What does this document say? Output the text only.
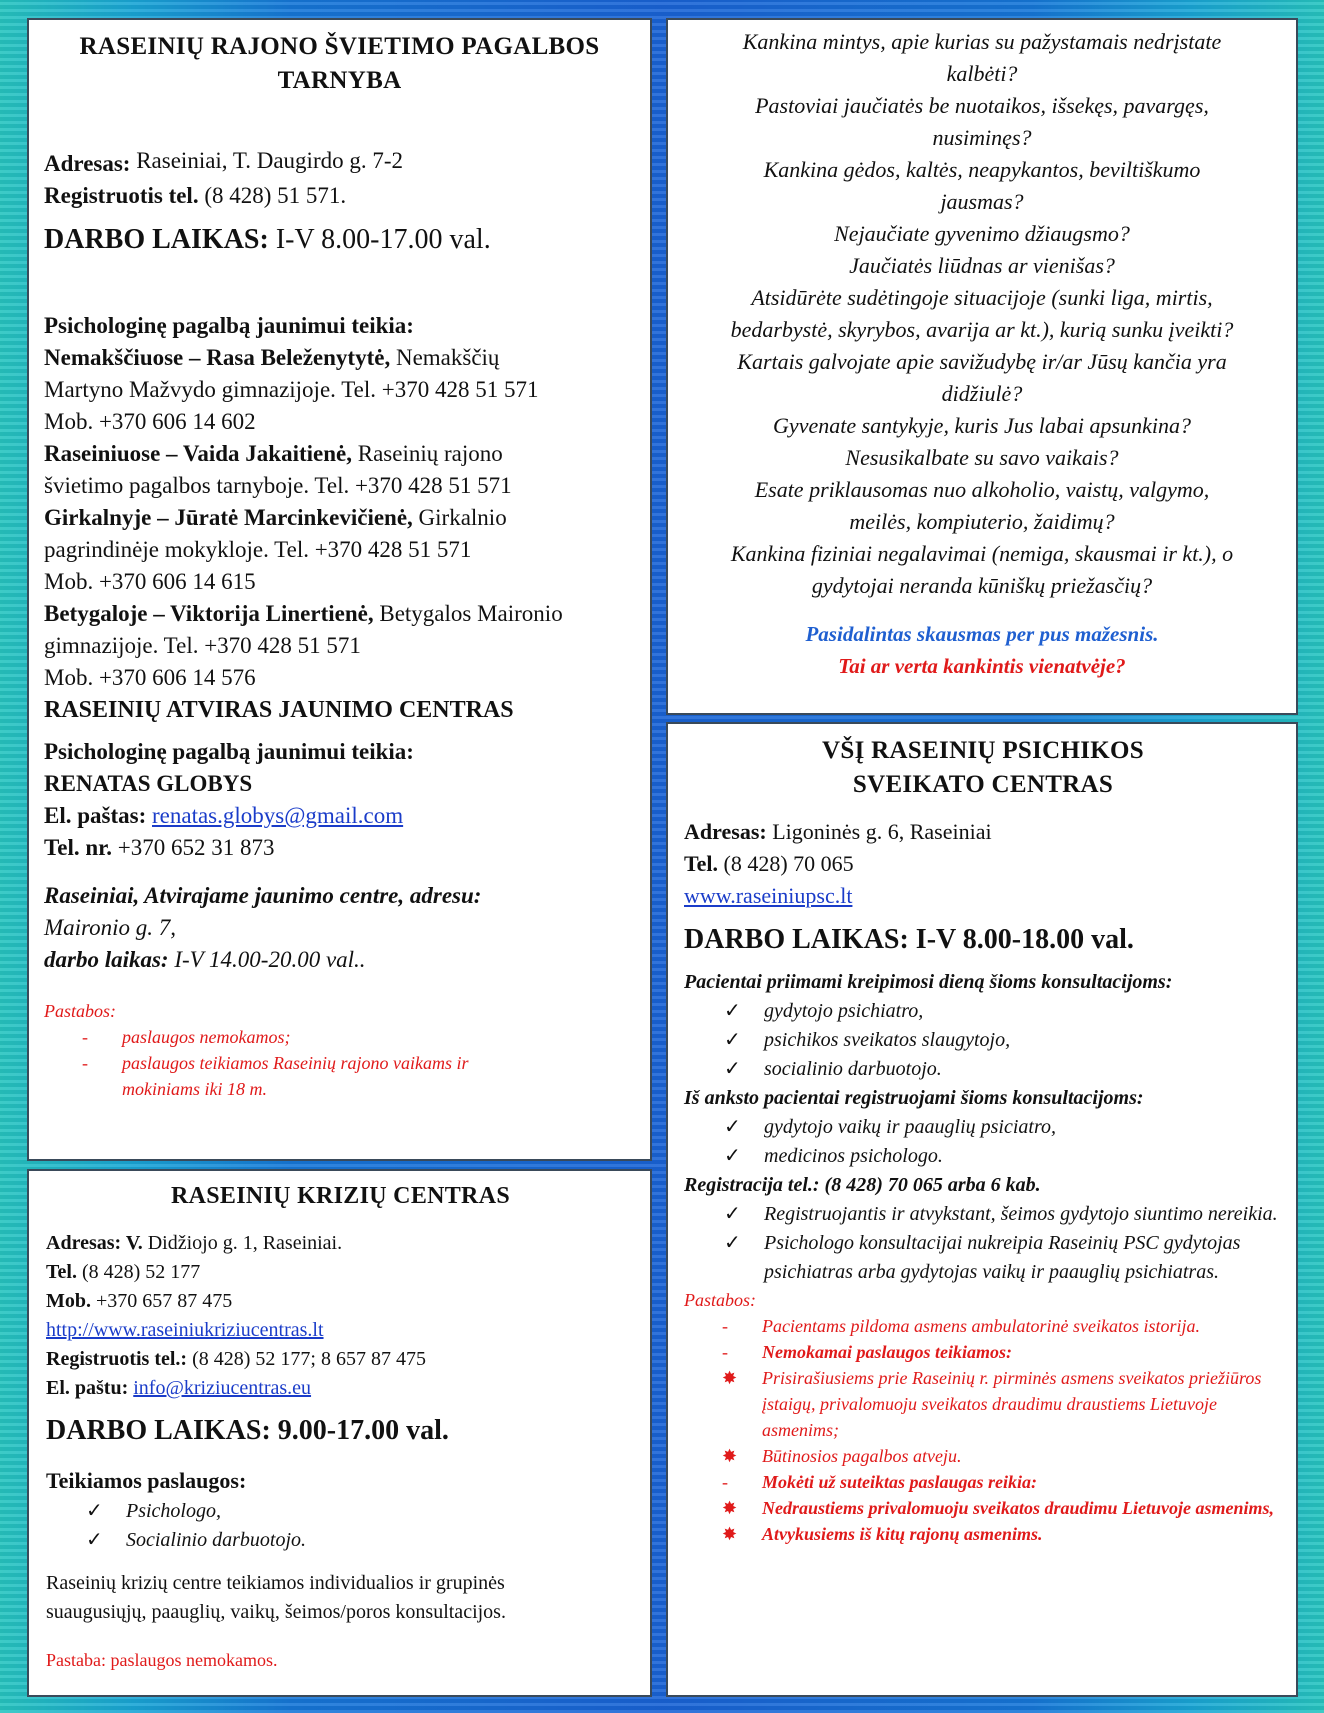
RASEINIŲ RAJONO ŠVIETIMO PAGALBOS TARNYBA
Adresas: Raseiniai, T. Daugirdo g. 7-2
Registruotis tel. (8 428) 51 571.
DARBO LAIKAS: I-V 8.00-17.00 val.
Psichologinę pagalbą jaunimui teikia:
Nemakščiuose – Rasa Beleženytytė, Nemakščių
Martyno Mažvydo gimnazijoje. Tel. +370 428 51 571
Mob. +370 606 14 602
Raseiniuose – Vaida Jakaitienė, Raseinių rajono
švietimo pagalbos tarnyboje. Tel. +370 428 51 571
Girkalnyje – Jūratė Marcinkevičienė, Girkalnio
pagrindinėje mokykloje. Tel. +370 428 51 571
Mob. +370 606 14 615
Betygaloje – Viktorija Linertienė, Betygalos Maironio
gimnazijoje. Tel. +370 428 51 571
Mob. +370 606 14 576
RASEINIŲ ATVIRAS JAUNIMO CENTRAS
Psichologinę pagalbą jaunimui teikia:
RENATAS GLOBYS
El. paštas: renatas.globys@gmail.com
Tel. nr. +370 652 31 873
Raseiniai, Atvirajame jaunimo centre, adresu:
Maironio g. 7,
darbo laikas: I-V 14.00-20.00 val..
Pastabos:
-	paslaugos nemokamos;
-	paslaugos teikiamos Raseinių rajono vaikams ir
mokiniams iki 18 m.
RASEINIŲ KRIZIŲ CENTRAS
Adresas: V. Didžiojo g. 1, Raseiniai.
Tel. (8 428) 52 177
Mob. +370 657 87 475
http://www.raseiniukriziucentras.lt
Registruotis tel.: (8 428) 52 177; 8 657 87 475
El. paštu: info@kriziucentras.eu
DARBO LAIKAS: 9.00-17.00 val.
Teikiamos paslaugos:
✓	Psichologo,
✓	Socialinio darbuotojo.
Raseinių krizių centre teikiamos individualios ir grupinės
suaugusiųjų, paauglių, vaikų, šeimos/poros konsultacijos.
Pastaba: paslaugos nemokamos.
Kankina mintys, apie kurias su pažystamais nedrįstate
kalbėti?
Pastoviai jaučiatės be nuotaikos, išsekęs, pavargęs,
nusiminęs?
Kankina gėdos, kaltės, neapykantos, beviltiškumo
jausmas?
Nejaučiate gyvenimo džiaugsmo?
Jaučiatės liūdnas ar vienišas?
Atsidūrėte sudėtingoje situacijoje (sunki liga, mirtis,
bedarbystė, skyrybos, avarija ar kt.), kurią sunku įveikti?
Kartais galvojate apie savižudybę ir/ar Jūsų kančia yra
didžiulė?
Gyvenate santykyje, kuris Jus labai apsunkina?
Nesusikalbate su savo vaikais?
Esate priklausomas nuo alkoholio, vaistų, valgymo,
meilės, kompiuterio, žaidimų?
Kankina fiziniai negalavimai (nemiga, skausmai ir kt.), o
gydytojai neranda kūniškų priežasčių?
Pasidalintas skausmas per pus mažesnis.
Tai ar verta kankintis vienatvėje?
VŠĮ RASEINIŲ PSICHIKOS SVEIKATO CENTRAS
Adresas: Ligoninės g. 6, Raseiniai
Tel. (8 428) 70 065
www.raseiniupsc.lt
DARBO LAIKAS: I-V 8.00-18.00 val.
Pacientai priimami kreipimosi dieną šioms konsultacijoms:
✓	gydytojo psichiatro,
✓	psichikos sveikatos slaugytojo,
✓	socialinio darbuotojo.
Iš anksto pacientai registruojami šioms konsultacijoms:
✓	gydytojo vaikų ir paauglių psiciatro,
✓	medicinos psichologo.
Registracija tel.: (8 428) 70 065 arba 6 kab.
✓	Registruojantis ir atvykstant, šeimos gydytojo siuntimo nereikia.
✓	Psichologo konsultacijai nukreipia Raseinių PSC gydytojas psichiatras arba gydytojas vaikų ir paauglių psichiatras.
Pastabos:
-	Pacientams pildoma asmens ambulatorinė sveikatos istorija.
-	Nemokamai paslaugos teikiamos:
✸	Prisirašiusiems prie Raseinių r. pirminės asmens sveikatos priežiūros įstaigų, privalomuoju sveikatos draudimu draustiems Lietuvoje asmenims;
✸	Būtinosios pagalbos atveju.
-	Mokėti už suteiktas paslaugas reikia:
✸	Nedraustiems privalomuoju sveikatos draudimu Lietuvoje asmenims,
✸	Atvykusiems iš kitų rajonų asmenims.
